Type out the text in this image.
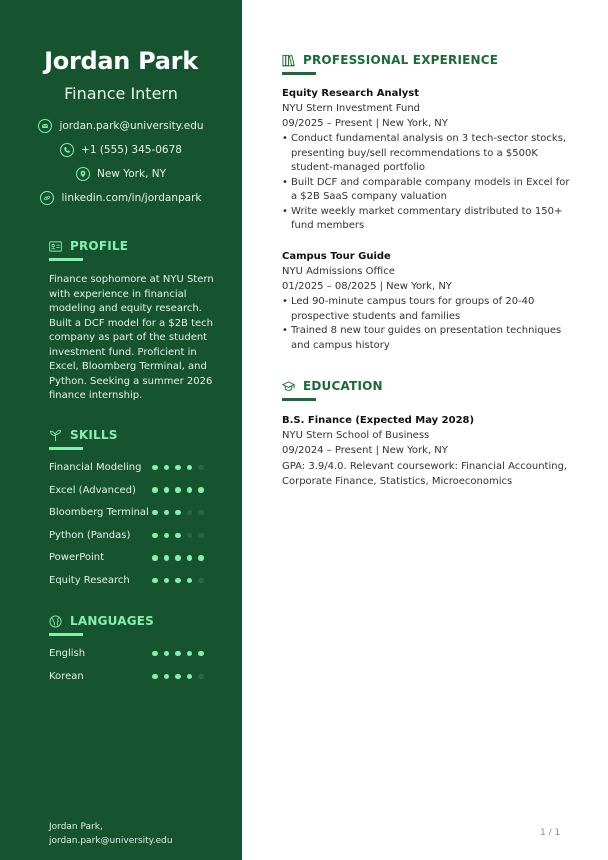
Jordan Park
Finance Intern
jordan.park@university.edu
+1 (555) 345-0678
New York, NY
linkedin.com/in/jordanpark
PROFILE
Finance sophomore at NYU Stern with experience in financial modeling and equity research. Built a DCF model for a $2B tech company as part of the student investment fund. Proficient in Excel, Bloomberg Terminal, and Python. Seeking a summer 2026 finance internship.
SKILLS
Financial Modeling
Excel (Advanced)
Bloomberg Terminal
Python (Pandas)
PowerPoint
Equity Research
LANGUAGES
English
Korean
Jordan Park,
jordan.park@university.edu
PROFESSIONAL EXPERIENCE
Equity Research Analyst
NYU Stern Investment Fund
09/2025 – Present | New York, NY
• Conduct fundamental analysis on 3 tech-sector stocks, presenting buy/sell recommendations to a $500K student-managed portfolio
• Built DCF and comparable company models in Excel for a $2B SaaS company valuation
• Write weekly market commentary distributed to 150+ fund members
Campus Tour Guide
NYU Admissions Office
01/2025 – 08/2025 | New York, NY
• Led 90-minute campus tours for groups of 20-40 prospective students and families
• Trained 8 new tour guides on presentation techniques and campus history
EDUCATION
B.S. Finance (Expected May 2028)
NYU Stern School of Business
09/2024 – Present | New York, NY
GPA: 3.9/4.0. Relevant coursework: Financial Accounting, Corporate Finance, Statistics, Microeconomics
1 / 1
